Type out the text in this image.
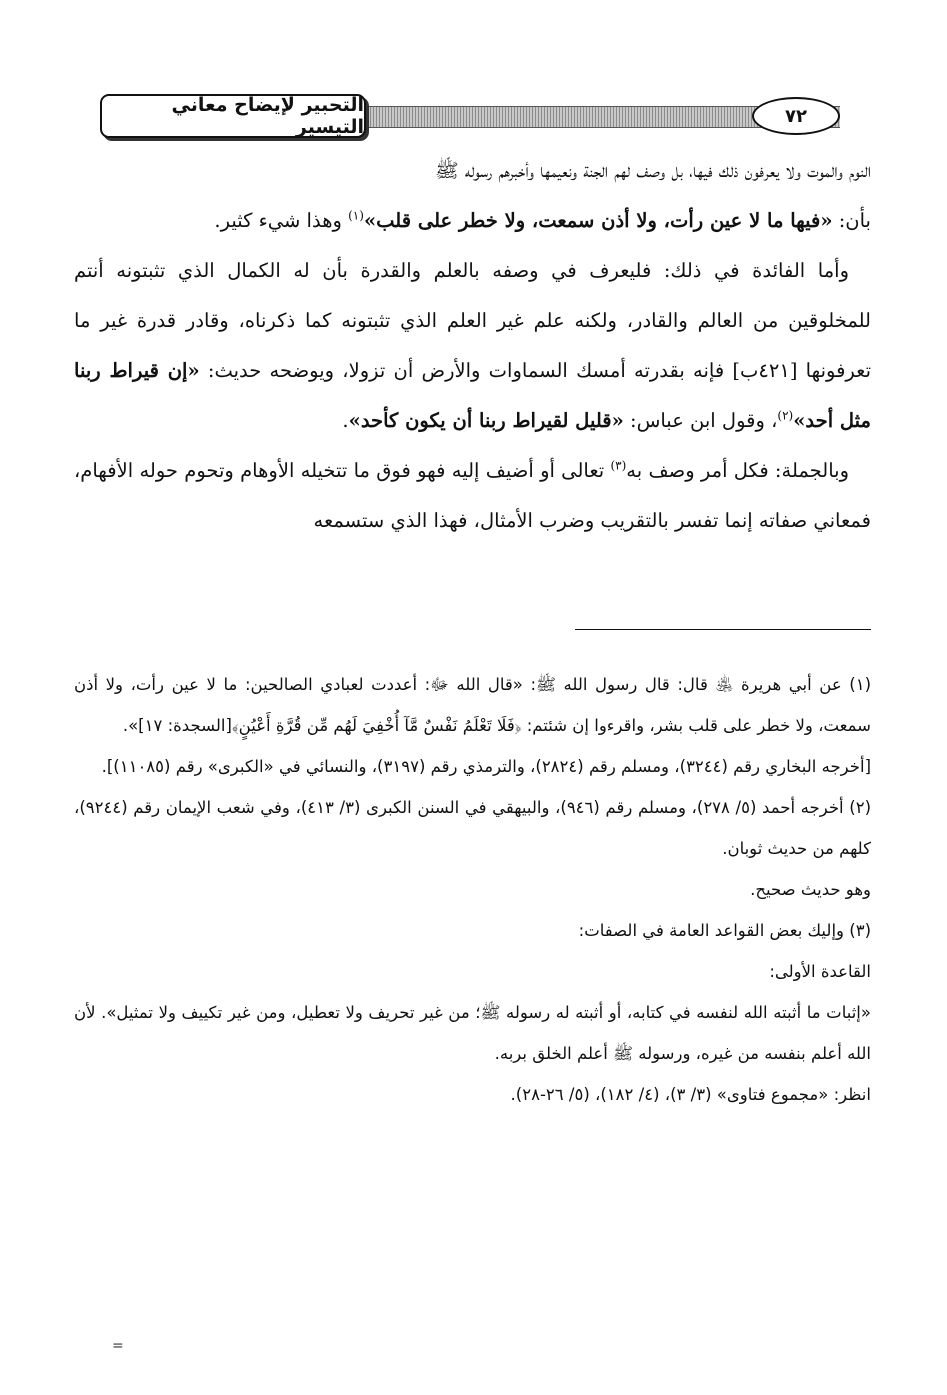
التحبير لإيضاح معاني التيسير	٧٢

النوم والموت ولا يعرفون ذلك فيها، بل وصف لهم الجنة ونعيمها وأخبرهم رسوله ﷺ
بأن: «فيها ما لا عين رأت، ولا أذن سمعت، ولا خطر على قلب»$^{(١)}$ وهذا شيء كثير.

وأما الفائدة في ذلك: فليعرف في وصفه بالعلم والقدرة بأن له الكمال الذي تثبتونه أنتم للمخلوقين من العالم والقادر، ولكنه علم غير العلم الذي تثبتونه كما ذكرناه، وقادر قدرة غير ما تعرفونها [٤٢١ب] فإنه بقدرته أمسك السماوات والأرض أن تزولا، ويوضحه حديث: «إن قيراط ربنا مثل أحد»$^{(٢)}$، وقول ابن عباس: «قليل لقيراط ربنا أن يكون كأحد».

وبالجملة: فكل أمر وصف به$^{(٣)}$ تعالى أو أضيف إليه فهو فوق ما تتخيله الأوهام وتحوم حوله الأفهام، فمعاني صفاته إنما تفسر بالتقريب وضرب الأمثال، فهذا الذي ستسمعه

(١) عن أبي هريرة ﵁ قال: قال رسول الله ﷺ: «قال الله ﷻ: أعددت لعبادي الصالحين: ما لا عين رأت، ولا أذن سمعت، ولا خطر على قلب بشر، واقرءوا إن شئتم: ﴿فَلَا تَعْلَمُ نَفْسٌ مَّآ أُخْفِيَ لَهُم مِّن قُرَّةِ أَعْيُنٍ﴾[السجدة: ١٧]».

[أخرجه البخاري رقم (٣٢٤٤)، ومسلم رقم (٢٨٢٤)، والترمذي رقم (٣١٩٧)، والنسائي في «الكبرى» رقم (١١٠٨٥)].

(٢) أخرجه أحمد (٥/ ٢٧٨)، ومسلم رقم (٩٤٦)، والبيهقي في السنن الكبرى (٣/ ٤١٣)، وفي شعب الإيمان رقم (٩٢٤٤)، كلهم من حديث ثوبان.

وهو حديث صحيح.

(٣) وإليك بعض القواعد العامة في الصفات:

القاعدة الأولى:

«إثبات ما أثبته الله لنفسه في كتابه، أو أثبته له رسوله ﷺ؛ من غير تحريف ولا تعطيل، ومن غير تكييف ولا تمثيل». لأن الله أعلم بنفسه من غيره، ورسوله ﷺ أعلم الخلق بربه.

انظر: «مجموع فتاوى» (٣/ ٣)، (٤/ ١٨٢)، (٥/ ٢٦-٢٨).

=
